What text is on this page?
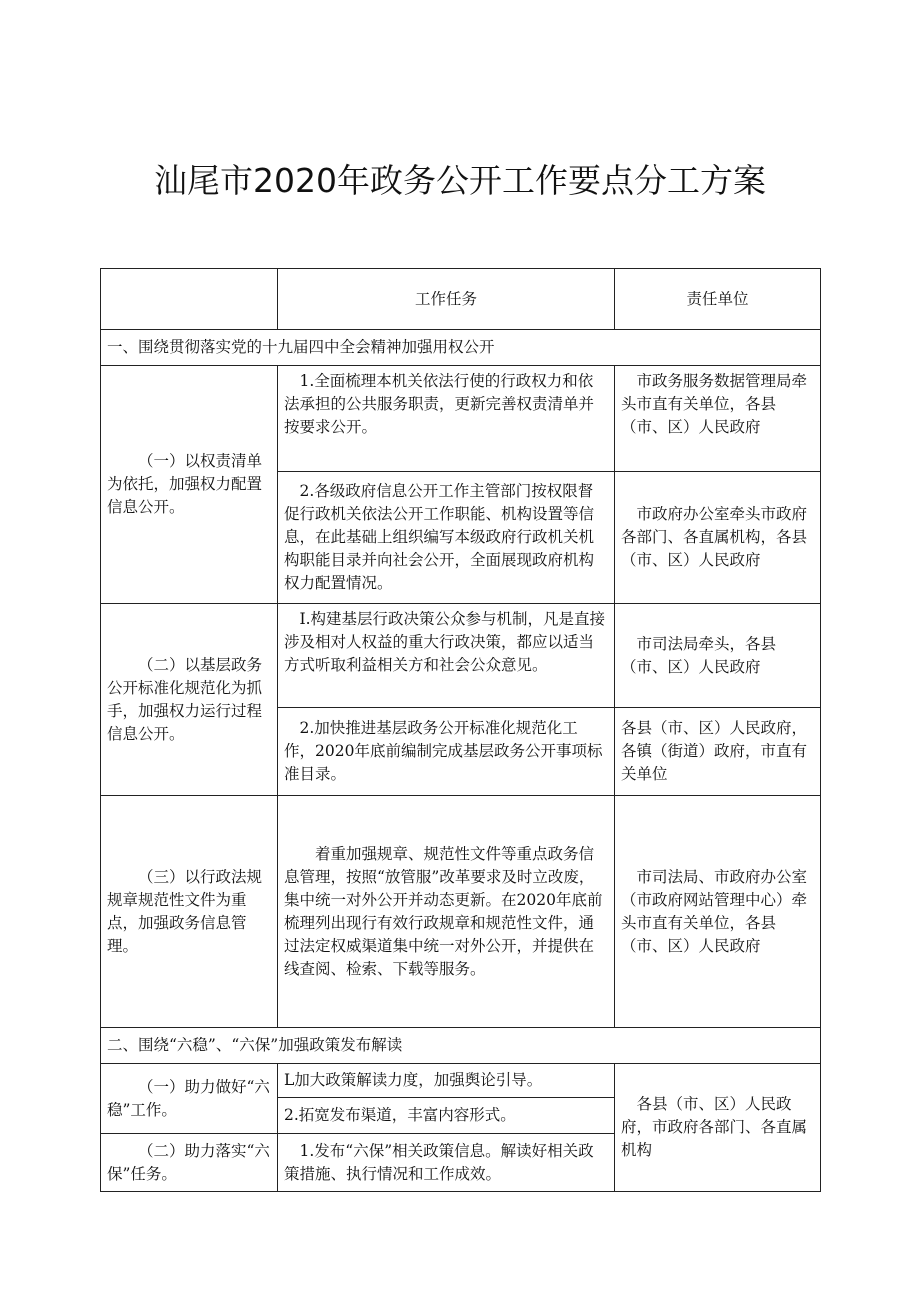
汕尾市2020年政务公开工作要点分工方案
	工作任务	责任单位
一、围绕贯彻落实党的十九届四中全会精神加强用权公开		
（一）以权责清单为依托，加强权力配置信息公开。	1.全面梳理本机关依法行使的行政权力和依法承担的公共服务职责，更新完善权责清单并按要求公开。	市政务服务数据管理局牵头市直有关单位，各县（市、区）人民政府
	2.各级政府信息公开工作主管部门按权限督促行政机关依法公开工作职能、机构设置等信息，在此基础上组织编写本级政府行政机关机构职能目录并向社会公开，全面展现政府机构权力配置情况。	市政府办公室牵头市政府各部门、各直属机构，各县（市、区）人民政府
（二）以基层政务公开标准化规范化为抓手，加强权力运行过程信息公开。	I.构建基层行政决策公众参与机制，凡是直接涉及相对人权益的重大行政决策，都应以适当方式听取利益相关方和社会公众意见。	市司法局牵头，各县（市、区）人民政府
	2.加快推进基层政务公开标准化规范化工作，2020年底前编制完成基层政务公开事项标准目录。	各县（市、区）人民政府，各镇（街道）政府，市直有关单位
（三）以行政法规规章规范性文件为重点，加强政务信息管理。	着重加强规章、规范性文件等重点政务信息管理，按照“放管服”改革要求及时立改废，集中统一对外公开并动态更新。在2020年底前梳理列出现行有效行政规章和规范性文件，通过法定权威渠道集中统一对外公开，并提供在线查阅、检索、下载等服务。	市司法局、市政府办公室（市政府网站管理中心）牵头市直有关单位，各县（市、区）人民政府
二、围绕“六稳”、“六保”加强政策发布解读		
（一）助力做好“六稳”工作。	L加大政策解读力度，加强舆论引导。	各县（市、区）人民政府，市政府各部门、各直属机构
	2.拓宽发布渠道，丰富内容形式。	
（二）助力落实“六保”任务。	1.发布“六保”相关政策信息。解读好相关政策措施、执行情况和工作成效。	
